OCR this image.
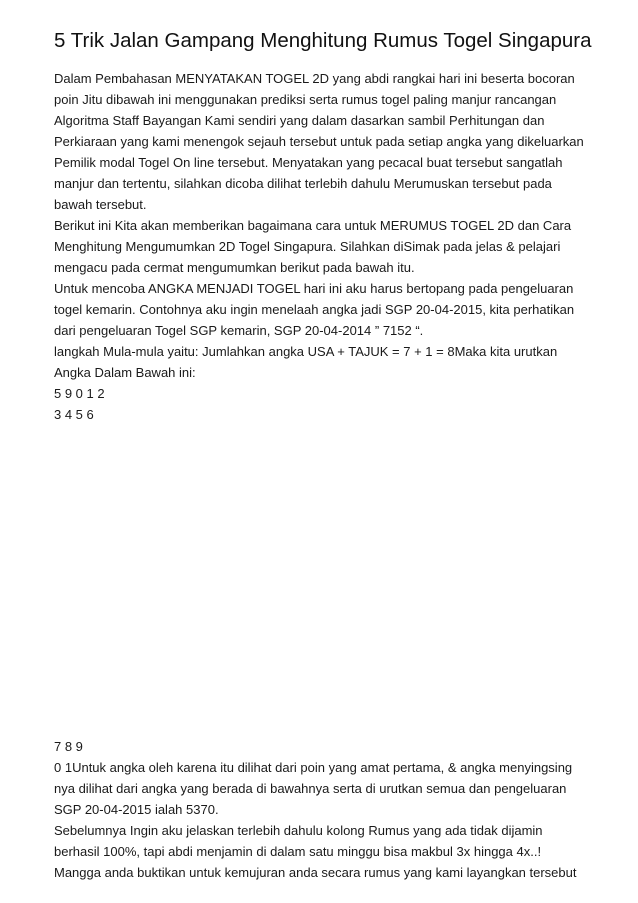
5 Trik Jalan Gampang Menghitung Rumus Togel Singapura
Dalam Pembahasan MENYATAKAN TOGEL 2D yang abdi rangkai hari ini beserta bocoran
poin Jitu dibawah ini menggunakan prediksi serta rumus togel paling manjur rancangan
Algoritma Staff Bayangan Kami sendiri yang dalam dasarkan sambil Perhitungan dan
Perkiaraan yang kami menengok sejauh tersebut untuk pada setiap angka yang dikeluarkan
Pemilik modal Togel On line tersebut. Menyatakan yang pecacal buat tersebut sangatlah
manjur dan tertentu, silahkan dicoba dilihat terlebih dahulu Merumuskan tersebut pada
bawah tersebut.
Berikut ini Kita akan memberikan bagaimana cara untuk MERUMUS TOGEL 2D dan Cara
Menghitung Mengumumkan 2D Togel Singapura. Silahkan diSimak pada jelas & pelajari
mengacu pada cermat mengumumkan berikut pada bawah itu.
Untuk mencoba ANGKA MENJADI TOGEL hari ini aku harus bertopang pada pengeluaran
togel kemarin. Contohnya aku ingin menelaah angka jadi SGP 20-04-2015, kita perhatikan
dari pengeluaran Togel SGP kemarin, SGP 20-04-2014 ” 7152 “.
langkah Mula-mula yaitu: Jumlahkan angka USA + TAJUK = 7 + 1 = 8Maka kita urutkan
Angka Dalam Bawah ini:
5 9 0 1 2
3 4 5 6
7 8 9
0 1Untuk angka oleh karena itu dilihat dari poin yang amat pertama, & angka menyingsing
nya dilihat dari angka yang berada di bawahnya serta di urutkan semua dan pengeluaran
SGP 20-04-2015 ialah 5370.
Sebelumnya Ingin aku jelaskan terlebih dahulu kolong Rumus yang ada tidak dijamin
berhasil 100%, tapi abdi menjamin di dalam satu minggu bisa makbul 3x hingga 4x..!
Mangga anda buktikan untuk kemujuran anda secara rumus yang kami layangkan tersebut
